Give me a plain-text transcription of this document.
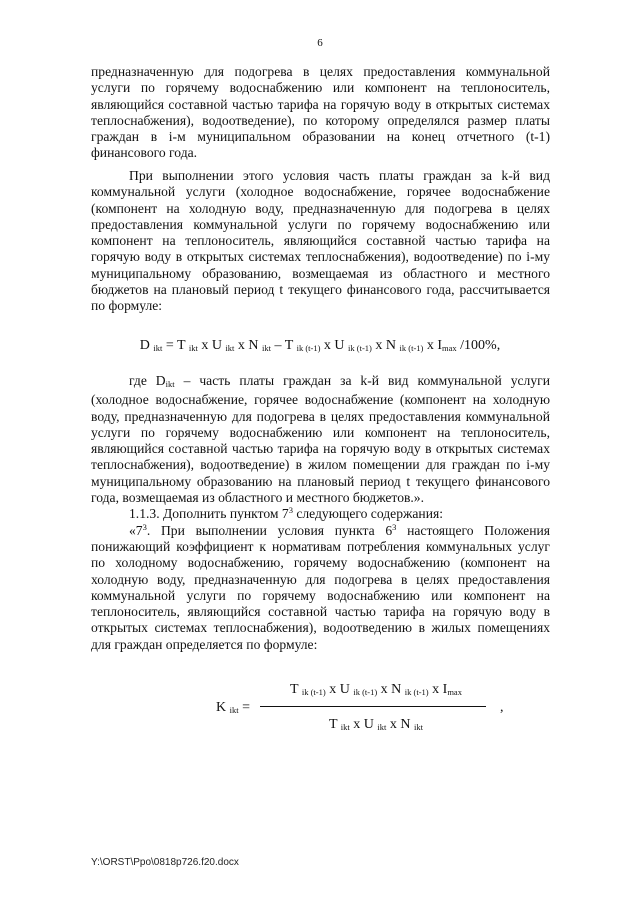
6

предназначенную для подогрева в целях предоставления коммунальной услуги по горячему водоснабжению или компонент на теплоноситель, являющийся составной частью тарифа на горячую воду в открытых системах теплоснабжения), водоотведение), по которому определялся размер платы граждан в i-м муниципальном образовании на конец отчетного (t-1) финансового года.

При выполнении этого условия часть платы граждан за k-й вид коммунальной услуги (холодное водоснабжение, горячее водоснабжение (компонент на холодную воду, предназначенную для подогрева в целях предоставления коммунальной услуги по горячему водоснабжению или компонент на теплоноситель, являющийся составной частью тарифа на горячую воду в открытых системах теплоснабжения), водоотведение) по i-му муниципальному образованию, возмещаемая из областного и местного бюджетов на плановый период t текущего финансового года, рассчитывается по формуле:

D $_{ikt}$ = T $_{ikt}$ x U $_{ikt}$ x N $_{ikt}$ – T $_{ik (t-1)}$ x U $_{ik (t-1)}$ x N $_{ik (t-1)}$ x $I_{max}$ /100%,

где $D_{ikt}$ – часть платы граждан за k-й вид коммунальной услуги (холодное водоснабжение, горячее водоснабжение (компонент на холодную воду, предназначенную для подогрева в целях предоставления коммунальной услуги по горячему водоснабжению или компонент на теплоноситель, являющийся составной частью тарифа на горячую воду в открытых системах теплоснабжения), водоотведение) в жилом помещении для граждан по i-му муниципальному образованию на плановый период t текущего финансового года, возмещаемая из областного и местного бюджетов.».

1.1.3. Дополнить пунктом $7^3$ следующего содержания:

«$7^3$. При выполнении условия пункта $6^3$ настоящего Положения понижающий коэффициент к нормативам потребления коммунальных услуг по холодному водоснабжению, горячему водоснабжению (компонент на холодную воду, предназначенную для подогрева в целях предоставления коммунальной услуги по горячему водоснабжению или компонент на теплоноситель, являющийся составной частью тарифа на горячую воду в открытых системах теплоснабжения), водоотведению в жилых помещениях для граждан определяется по формуле:

K $_{ikt}$ =
T $_{ik (t-1)}$ x U $_{ik (t-1)}$ x N $_{ik (t-1)}$ x $I_{max}$
T $_{ikt}$ x U $_{ikt}$ x N $_{ikt}$
,
Y:\ORST\Ppo\0818p726.f20.docx
